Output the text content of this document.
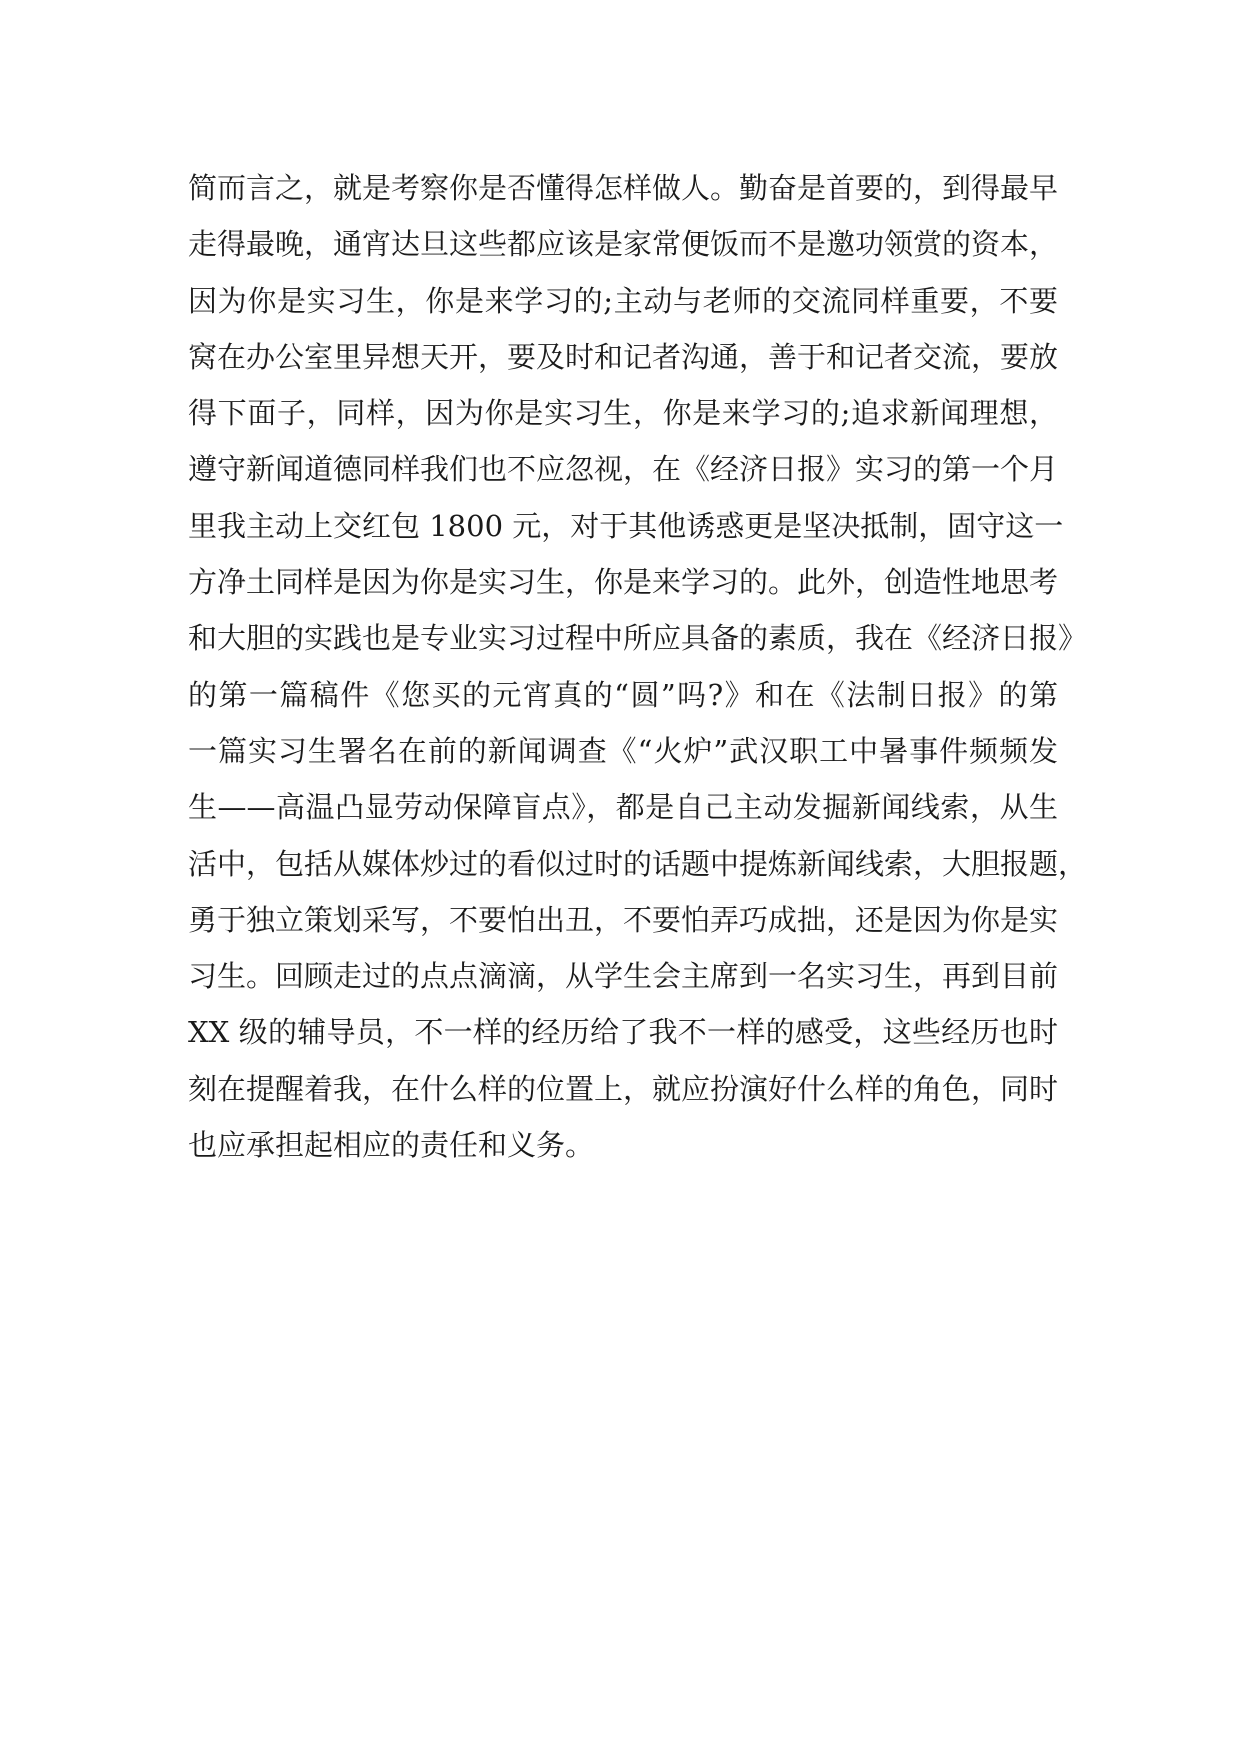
简而言之，就是考察你是否懂得怎样做人。勤奋是首要的，到得最早
走得最晚，通宵达旦这些都应该是家常便饭而不是邀功领赏的资本，
因为你是实习生，你是来学习的;主动与老师的交流同样重要，不要
窝在办公室里异想天开，要及时和记者沟通，善于和记者交流，要放
得下面子，同样，因为你是实习生，你是来学习的;追求新闻理想，
遵守新闻道德同样我们也不应忽视，在《经济日报》实习的第一个月
里我主动上交红包 1800 元，对于其他诱惑更是坚决抵制，固守这一
方净土同样是因为你是实习生，你是来学习的。此外，创造性地思考
和大胆的实践也是专业实习过程中所应具备的素质，我在《经济日报》
的第一篇稿件《您买的元宵真的“圆”吗?》和在《法制日报》的第
一篇实习生署名在前的新闻调查《“火炉”武汉职工中暑事件频频发
生——高温凸显劳动保障盲点》，都是自己主动发掘新闻线索，从生
活中，包括从媒体炒过的看似过时的话题中提炼新闻线索，大胆报题，
勇于独立策划采写，不要怕出丑，不要怕弄巧成拙，还是因为你是实
习生。回顾走过的点点滴滴，从学生会主席到一名实习生，再到目前
XX 级的辅导员，不一样的经历给了我不一样的感受，这些经历也时
刻在提醒着我，在什么样的位置上，就应扮演好什么样的角色，同时
也应承担起相应的责任和义务。
